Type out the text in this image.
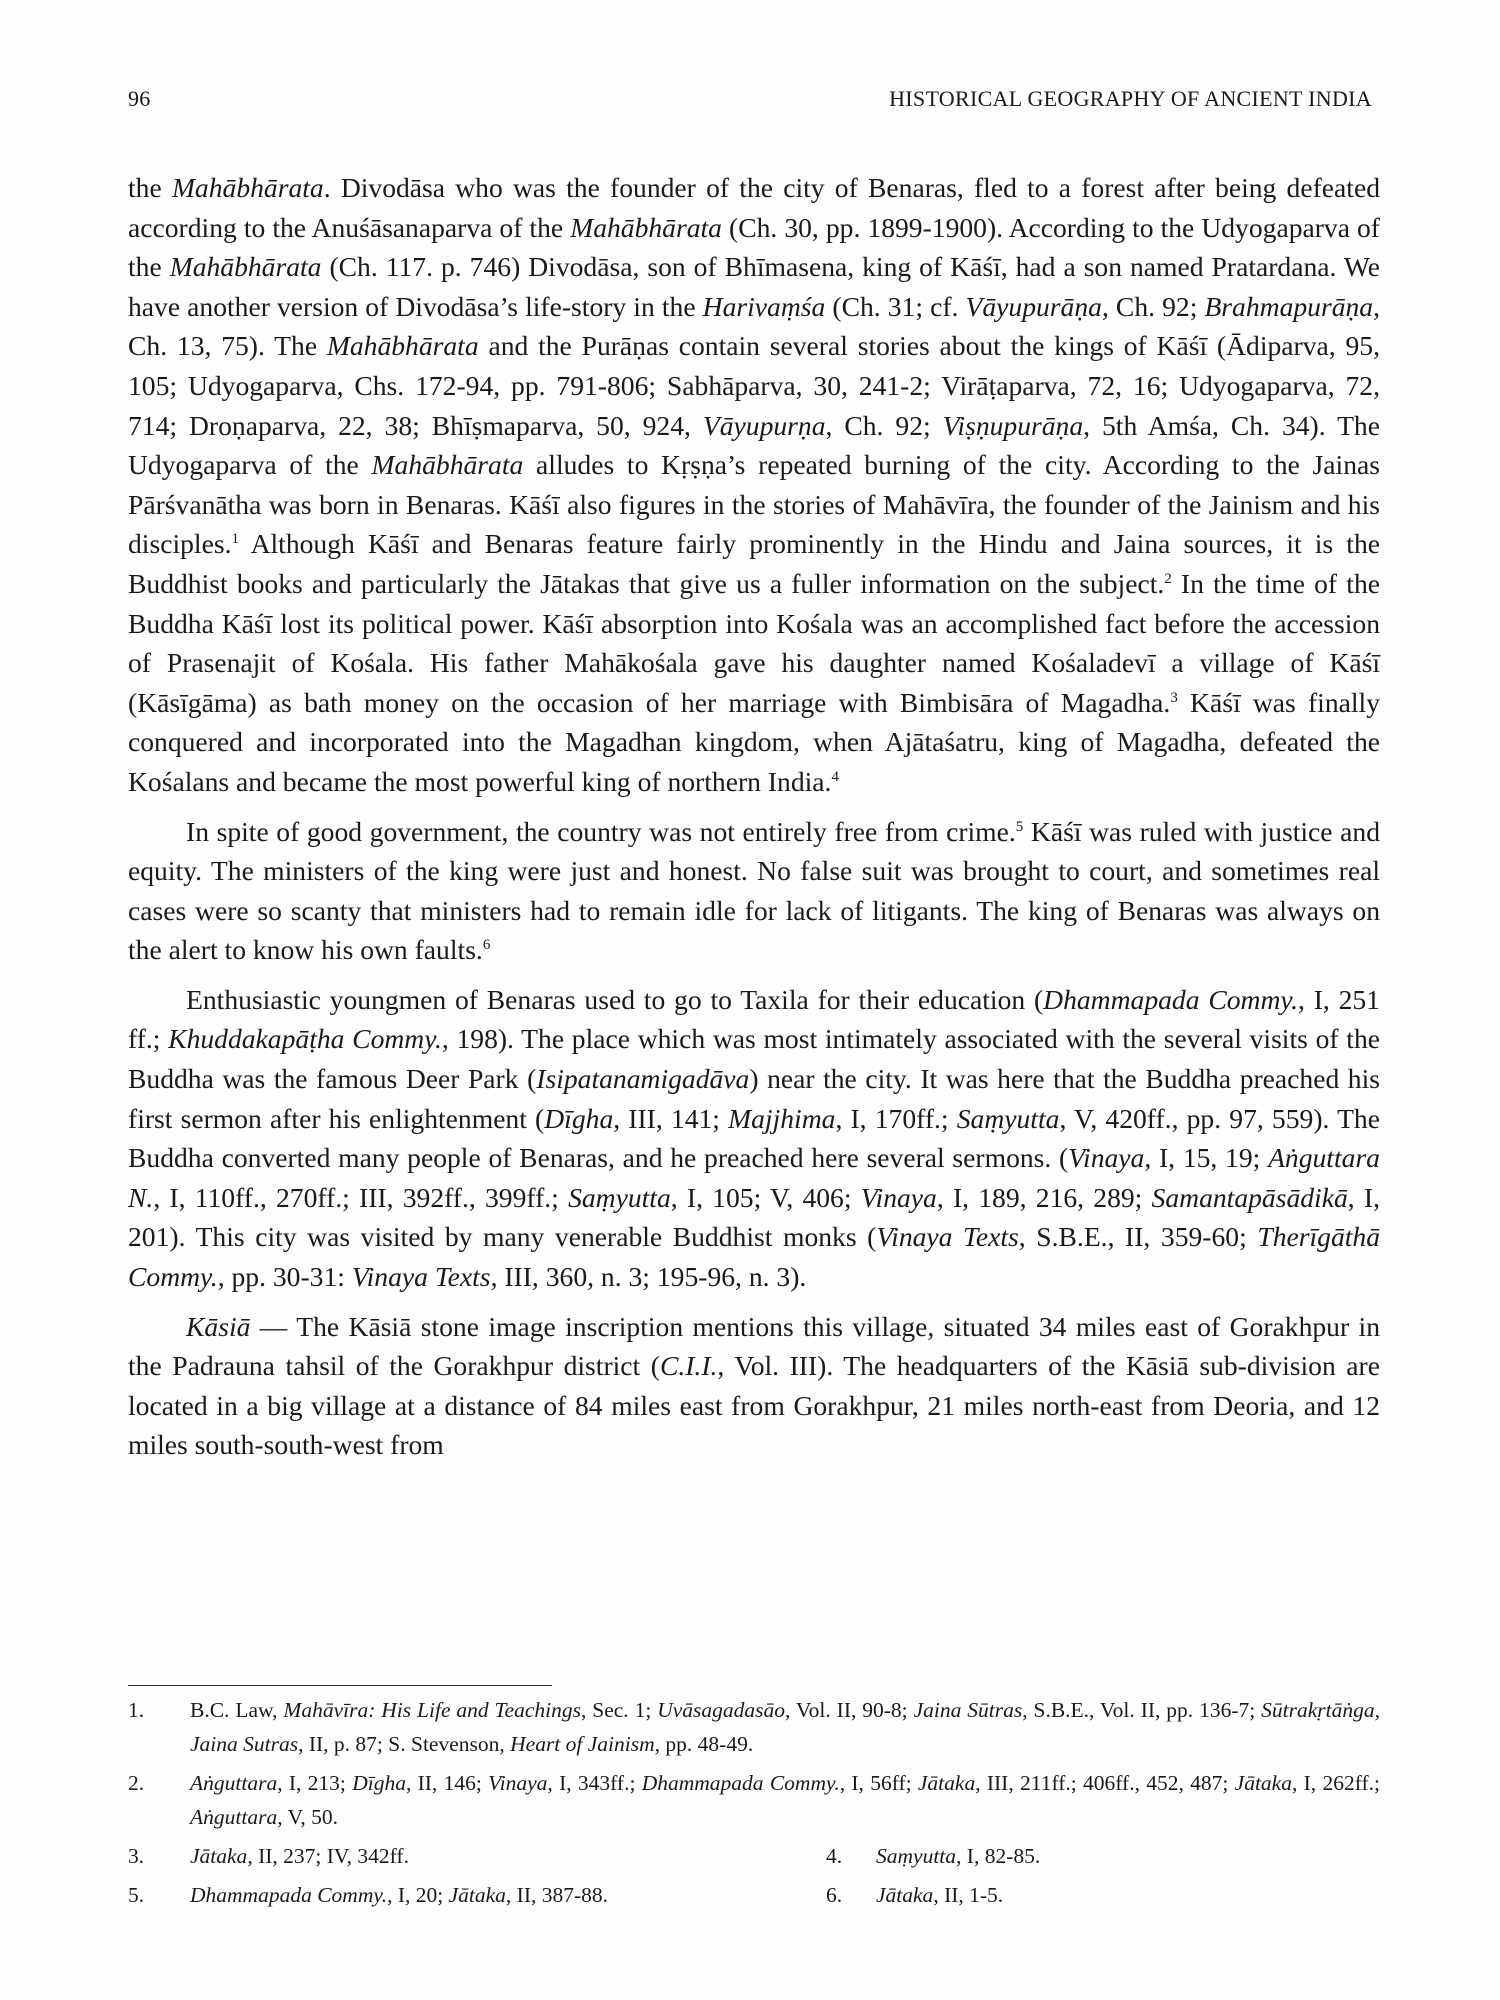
96	HISTORICAL GEOGRAPHY OF ANCIENT INDIA

the Mahābhārata. Divodāsa who was the founder of the city of Benaras, fled to a forest after being defeated according to the Anuśāsanaparva of the Mahābhārata (Ch. 30, pp. 1899-1900). According to the Udyogaparva of the Mahābhārata (Ch. 117. p. 746) Divodāsa, son of Bhīmasena, king of Kāśī, had a son named Pratardana. We have another version of Divodāsa’s life-story in the Harivaṃśa (Ch. 31; cf. Vāyupurāṇa, Ch. 92; Brahmapurāṇa, Ch. 13, 75). The Mahābhārata and the Purāṇas contain several stories about the kings of Kāśī (Ādiparva, 95, 105; Udyogaparva, Chs. 172-94, pp. 791-806; Sabhāparva, 30, 241-2; Virāṭaparva, 72, 16; Udyogaparva, 72, 714; Droṇaparva, 22, 38; Bhīṣmaparva, 50, 924, Vāyupurṇa, Ch. 92; Viṣṇupurāṇa, 5th Amśa, Ch. 34). The Udyogaparva of the Mahābhārata alludes to Kṛṣṇa’s repeated burning of the city. According to the Jainas Pārśvanātha was born in Benaras. Kāśī also figures in the stories of Mahāvīra, the founder of the Jainism and his disciples.$^1$ Although Kāśī and Benaras feature fairly prominently in the Hindu and Jaina sources, it is the Buddhist books and particularly the Jātakas that give us a fuller information on the subject.$^2$ In the time of the Buddha Kāśī lost its political power. Kāśī absorption into Kośala was an accomplished fact before the accession of Prasenajit of Kośala. His father Mahākośala gave his daughter named Kośaladevī a village of Kāśī (Kāsīgāma) as bath money on the occasion of her marriage with Bimbisāra of Magadha.$^3$ Kāśī was finally conquered and incorporated into the Magadhan kingdom, when Ajātaśatru, king of Magadha, defeated the Kośalans and became the most powerful king of northern India.$^4$

In spite of good government, the country was not entirely free from crime.$^5$ Kāśī was ruled with justice and equity. The ministers of the king were just and honest. No false suit was brought to court, and sometimes real cases were so scanty that ministers had to remain idle for lack of litigants. The king of Benaras was always on the alert to know his own faults.$^6$

Enthusiastic youngmen of Benaras used to go to Taxila for their education (Dhammapada Commy., I, 251 ff.; Khuddakapāṭha Commy., 198). The place which was most intimately associated with the several visits of the Buddha was the famous Deer Park (Isipatanamigadāva) near the city. It was here that the Buddha preached his first sermon after his enlightenment (Dīgha, III, 141; Majjhima, I, 170ff.; Saṃyutta, V, 420ff., pp. 97, 559). The Buddha converted many people of Benaras, and he preached here several sermons. (Vinaya, I, 15, 19; Aṅguttara N., I, 110ff., 270ff.; III, 392ff., 399ff.; Saṃyutta, I, 105; V, 406; Vinaya, I, 189, 216, 289; Samantapāsādikā, I, 201). This city was visited by many venerable Buddhist monks (Vinaya Texts, S.B.E., II, 359-60; Therīgāthā Commy., pp. 30-31: Vinaya Texts, III, 360, n. 3; 195-96, n. 3).

Kāsiā — The Kāsiā stone image inscription mentions this village, situated 34 miles east of Gorakhpur in the Padrauna tahsil of the Gorakhpur district (C.I.I., Vol. III). The headquarters of the Kāsiā sub-division are located in a big village at a distance of 84 miles east from Gorakhpur, 21 miles north-east from Deoria, and 12 miles south-south-west from

1.	B.C. Law, Mahāvīra: His Life and Teachings, Sec. 1; Uvāsagadasāo, Vol. II, 90-8; Jaina Sūtras, S.B.E., Vol. II, pp. 136-7; Sūtrakṛtāṅga, Jaina Sutras, II, p. 87; S. Stevenson, Heart of Jainism, pp. 48-49.
2.	Aṅguttara, I, 213; Dīgha, II, 146; Vinaya, I, 343ff.; Dhammapada Commy., I, 56ff; Jātaka, III, 211ff.; 406ff., 452, 487; Jātaka, I, 262ff.; Aṅguttara, V, 50.
3.	Jātaka, II, 237; IV, 342ff.	4.	Saṃyutta, I, 82-85.
5.	Dhammapada Commy., I, 20; Jātaka, II, 387-88.	6.	Jātaka, II, 1-5.
